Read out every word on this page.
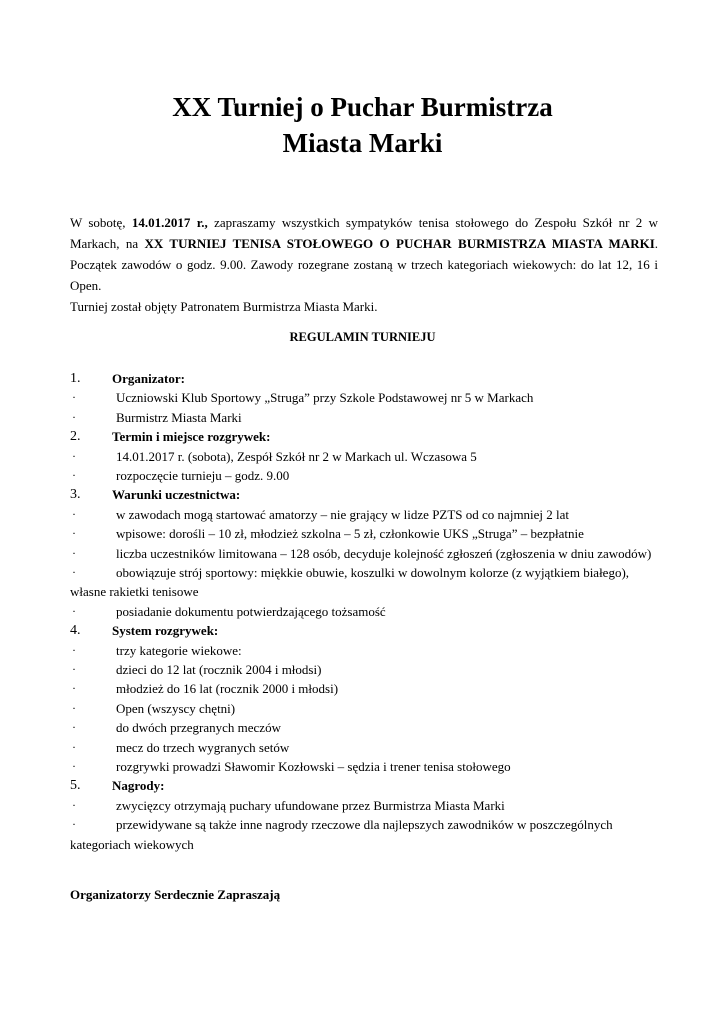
XX Turniej o Puchar Burmistrza
Miasta Marki

W sobotę, 14.01.2017 r., zapraszamy wszystkich sympatyków tenisa stołowego do Zespołu Szkół nr 2 w Markach, na XX TURNIEJ TENISA STOŁOWEGO O PUCHAR BURMISTRZA MIASTA MARKI. Początek zawodów o godz. 9.00. Zawody rozegrane zostaną w trzech kategoriach wiekowych: do lat 12, 16 i Open.

Turniej został objęty Patronatem Burmistrza Miasta Marki.

REGULAMIN TURNIEJU
1. Organizator:
·	Uczniowski Klub Sportowy „Struga” przy Szkole Podstawowej nr 5 w Markach
·	Burmistrz Miasta Marki
2. Termin i miejsce rozgrywek:
·	14.01.2017 r. (sobota), Zespół Szkół nr 2 w Markach ul. Wczasowa 5
·	rozpoczęcie turnieju – godz. 9.00
3. Warunki uczestnictwa:
·	w zawodach mogą startować amatorzy – nie grający w lidze PZTS od co najmniej 2 lat
·	wpisowe: dorośli – 10 zł, młodzież szkolna – 5 zł, członkowie UKS „Struga” – bezpłatnie
·	liczba uczestników limitowana – 128 osób, decyduje kolejność zgłoszeń (zgłoszenia w dniu zawodów)
·	obowiązuje strój sportowy: miękkie obuwie, koszulki w dowolnym kolorze (z wyjątkiem białego), własne rakietki tenisowe
·	posiadanie dokumentu potwierdzającego tożsamość
4. System rozgrywek:
·	trzy kategorie wiekowe:
·	dzieci do 12 lat (rocznik 2004 i młodsi)
·	młodzież do 16 lat (rocznik 2000 i młodsi)
·	Open (wszyscy chętni)
·	do dwóch przegranych meczów
·	mecz do trzech wygranych setów
·	rozgrywki prowadzi Sławomir Kozłowski – sędzia i trener tenisa stołowego
5. Nagrody:
·	zwycięzcy otrzymają puchary ufundowane przez Burmistrza Miasta Marki
·	przewidywane są także inne nagrody rzeczowe dla najlepszych zawodników w poszczególnych kategoriach wiekowych
Organizatorzy Serdecznie Zapraszają
